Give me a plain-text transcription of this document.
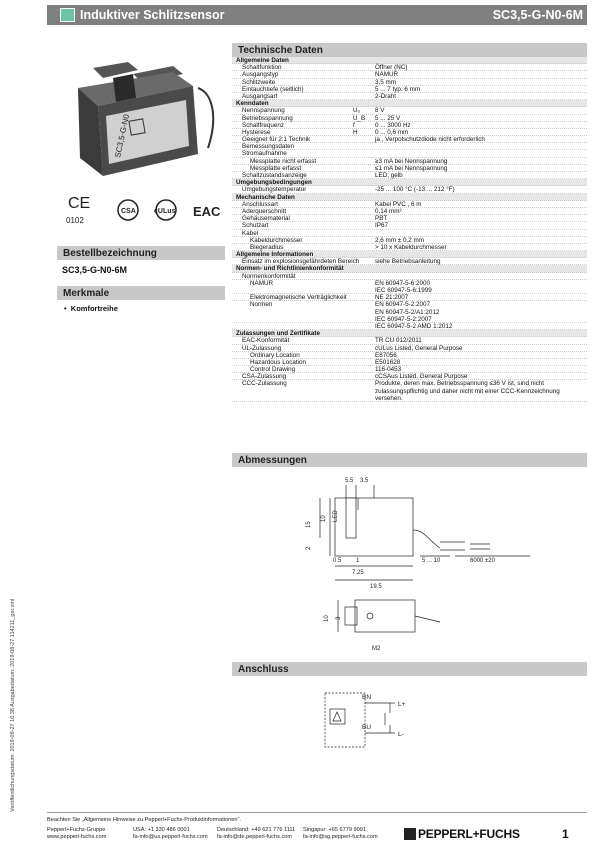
Induktiver Schlitzsensor	SC3,5-G-N0-6M
SC3,5-G-N0
CE
0102
CSA	cULus EAC
Bestellbezeichnung
SC3,5-G-N0-6M
Merkmale
•  Komfortreihe
Technische Daten
Allgemeine Daten
Schaltfunktion	Öffner (NC)
Ausgangstyp	NAMUR
Schlitzweite	3,5 mm
Eintauchtiefe (seitlich)	5 ... 7 typ. 6 mm
Ausgangsart	2-Draht
Kenndaten
Nennspannung	U₀ 8 V
Betriebsspannung	U_B 5 ... 25 V
Schaltfrequenz	f	0 ... 3000 Hz
Hysterese	H	0 ... 0,6 mm
Geeignet für 2:1 Technik	ja , Verpolschutzdiode nicht erforderlich
Bemessungsdaten
Stromaufnahme
Messplatte nicht erfasst	≥3 mA bei Nennspannung
Messplatte erfasst	≤1 mA bei Nennspannung
Schaltzustandsanzeige	LED, gelb
Umgebungsbedingungen
Umgebungstemperatur	-25 ... 100 °C (-13 ... 212 °F)
Mechanische Daten
Anschlussart	Kabel PVC , 6 m
Aderquerschnitt	0,14 mm²
Gehäusematerial	PBT
Schutzart	IP67
Kabel
Kabeldurchmesser	2,6 mm ± 0,2 mm
Biegeradius	> 10 x Kabeldurchmesser
Allgemeine Informationen
Einsatz im explosionsgefährdeten Bereich siehe Betriebsanleitung
Normen- und Richtlinienkonformität
Normenkonformität
NAMUR	EN 60947-5-6:2000
IEC 60947-5-6:1999
Elektromagnetische Verträglichkeit	NE 21:2007
Normen	EN 60947-5-2:2007
EN 60947-5-2/A1:2012
IEC 60947-5-2:2007
IEC 60947-5-2 AMD 1:2012
Zulassungen und Zertifikate
EAC-Konformität	TR CU 012/2011
UL-Zulassung	cULus Listed, General Purpose
Ordinary Location	E87056
Hazardous Location	E501628
Control Drawing	116-0453
CSA-Zulassung	cCSAus Listed, General Purpose
CCC-Zulassung	Produkte, deren max. Betriebsspannung ≤36 V ist, sind nicht
zulassungspflichtig und daher nicht mit einer CCC-Kennzeichnung
versehen.
Abmessungen
5.5 3.5
15
10 LED
2
0.5 1
7.25
5 ... 10	6000 ±20
19.5
10 3
M2
Anschluss
BN
BU
L+
L-
Veröffentlichungsdatum: 2019-08-27 16:38 Ausgabedatum: 2019-08-27 114211_ger.xml
Beachten Sie „Allgemeine Hinweise zu Pepperl+Fuchs-Produktinformationen".
Pepperl+Fuchs-Gruppe
www.pepperl-fuchs.com
USA: +1 330 486 0001
fa-info@us.pepperl-fuchs.com
Deutschland: +49 621 776 1111
fa-info@de.pepperl-fuchs.com
Singapur: +65 6779 9091
fa-info@sg.pepperl-fuchs.com	PEPPERL+FUCHS	1
